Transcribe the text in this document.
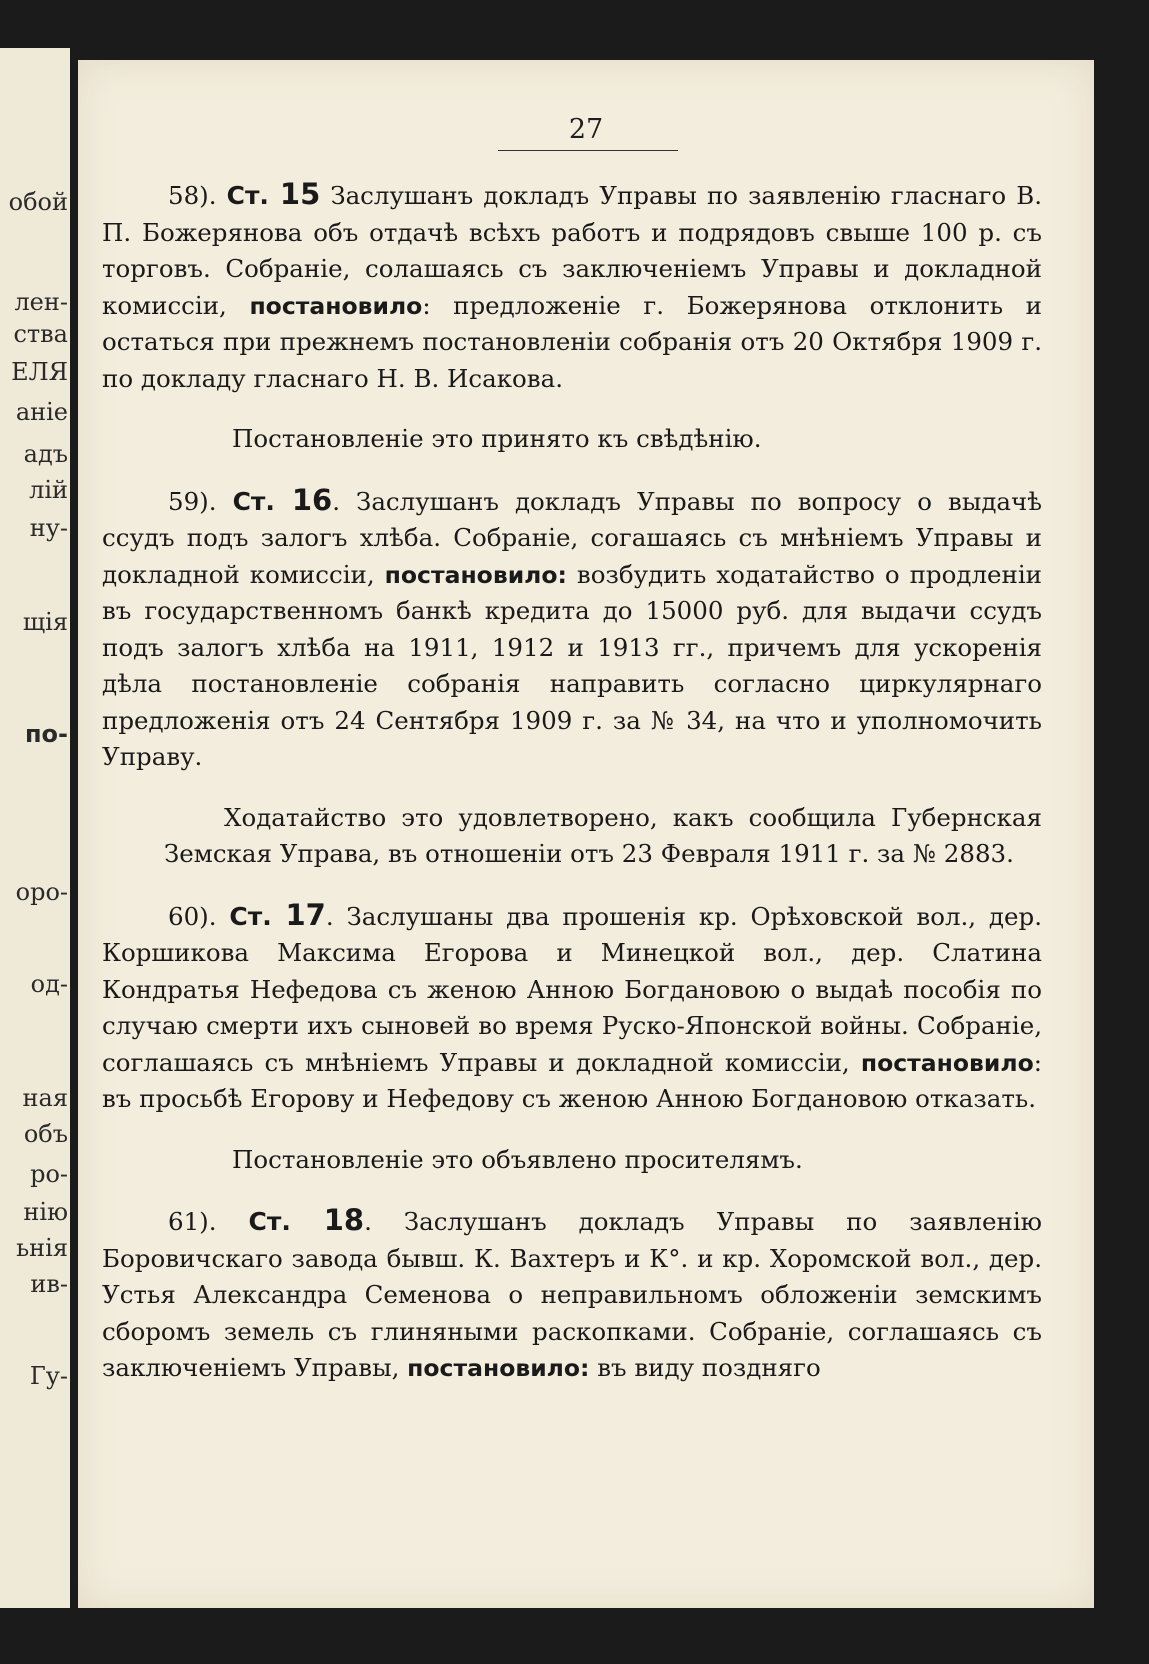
обой
лен-
ства
ЕЛЯ
аніе
адъ
лій
ну-
щія
по-
оро-
од-
ная
объ
ро-
нію
ьнія
ив-
Гу-
27

58). Ст. 15 Заслушанъ докладъ Управы по заявленію гласнаго В. П. Божерянова объ отдачѣ всѣхъ работъ и подрядовъ свыше 100 р. съ торговъ. Собраніе, солашаясь съ заключеніемъ Управы и докладной комиссіи, постановило: предложеніе г. Божерянова отклонить и остаться при прежнемъ постановленіи собранія отъ 20 Октября 1909 г. по докладу гласнаго Н. В. Исакова.

Постановленіе это принято къ свѣдѣнію.

59). Ст. 16. Заслушанъ докладъ Управы по вопросу о выдачѣ ссудъ подъ залогъ хлѣба. Собраніе, согашаясь съ мнѣніемъ Управы и докладной комиссіи, постановило: возбудить ходатайство о продленіи въ государственномъ банкѣ кредита до 15000 руб. для выдачи ссудъ подъ залогъ хлѣба на 1911, 1912 и 1913 гг., причемъ для ускоренія дѣла постановленіе собранія направить согласно циркулярнаго предложенія отъ 24 Сентября 1909 г. за № 34, на что и уполномочить Управу.

Ходатайство это удовлетворено, какъ сообщила Губернская Земская Управа, въ отношеніи отъ 23 Февраля 1911 г. за № 2883.

60). Ст. 17. Заслушаны два прошенія кр. Орѣховской вол., дер. Коршикова Максима Егорова и Минецкой вол., дер. Слатина Кондратья Нефедова съ женою Анною Богдановою о выдаѣ пособія по случаю смерти ихъ сыновей во время Руско-Японской войны. Собраніе, соглашаясь съ мнѣніемъ Управы и докладной комиссіи, постановило: въ просьбѣ Егорову и Нефедову съ женою Анною Богдановою отказать.

Постановленіе это объявлено просителямъ.

61). Ст. 18. Заслушанъ докладъ Управы по заявленію Боровичскаго завода бывш. К. Вахтеръ и К°. и кр. Хоромской вол., дер. Устья Александра Семенова о неправильномъ обложеніи земскимъ сборомъ земель съ глиняными раскопками. Собраніе, соглашаясь съ заключеніемъ Управы, постановило: въ виду поздняго
